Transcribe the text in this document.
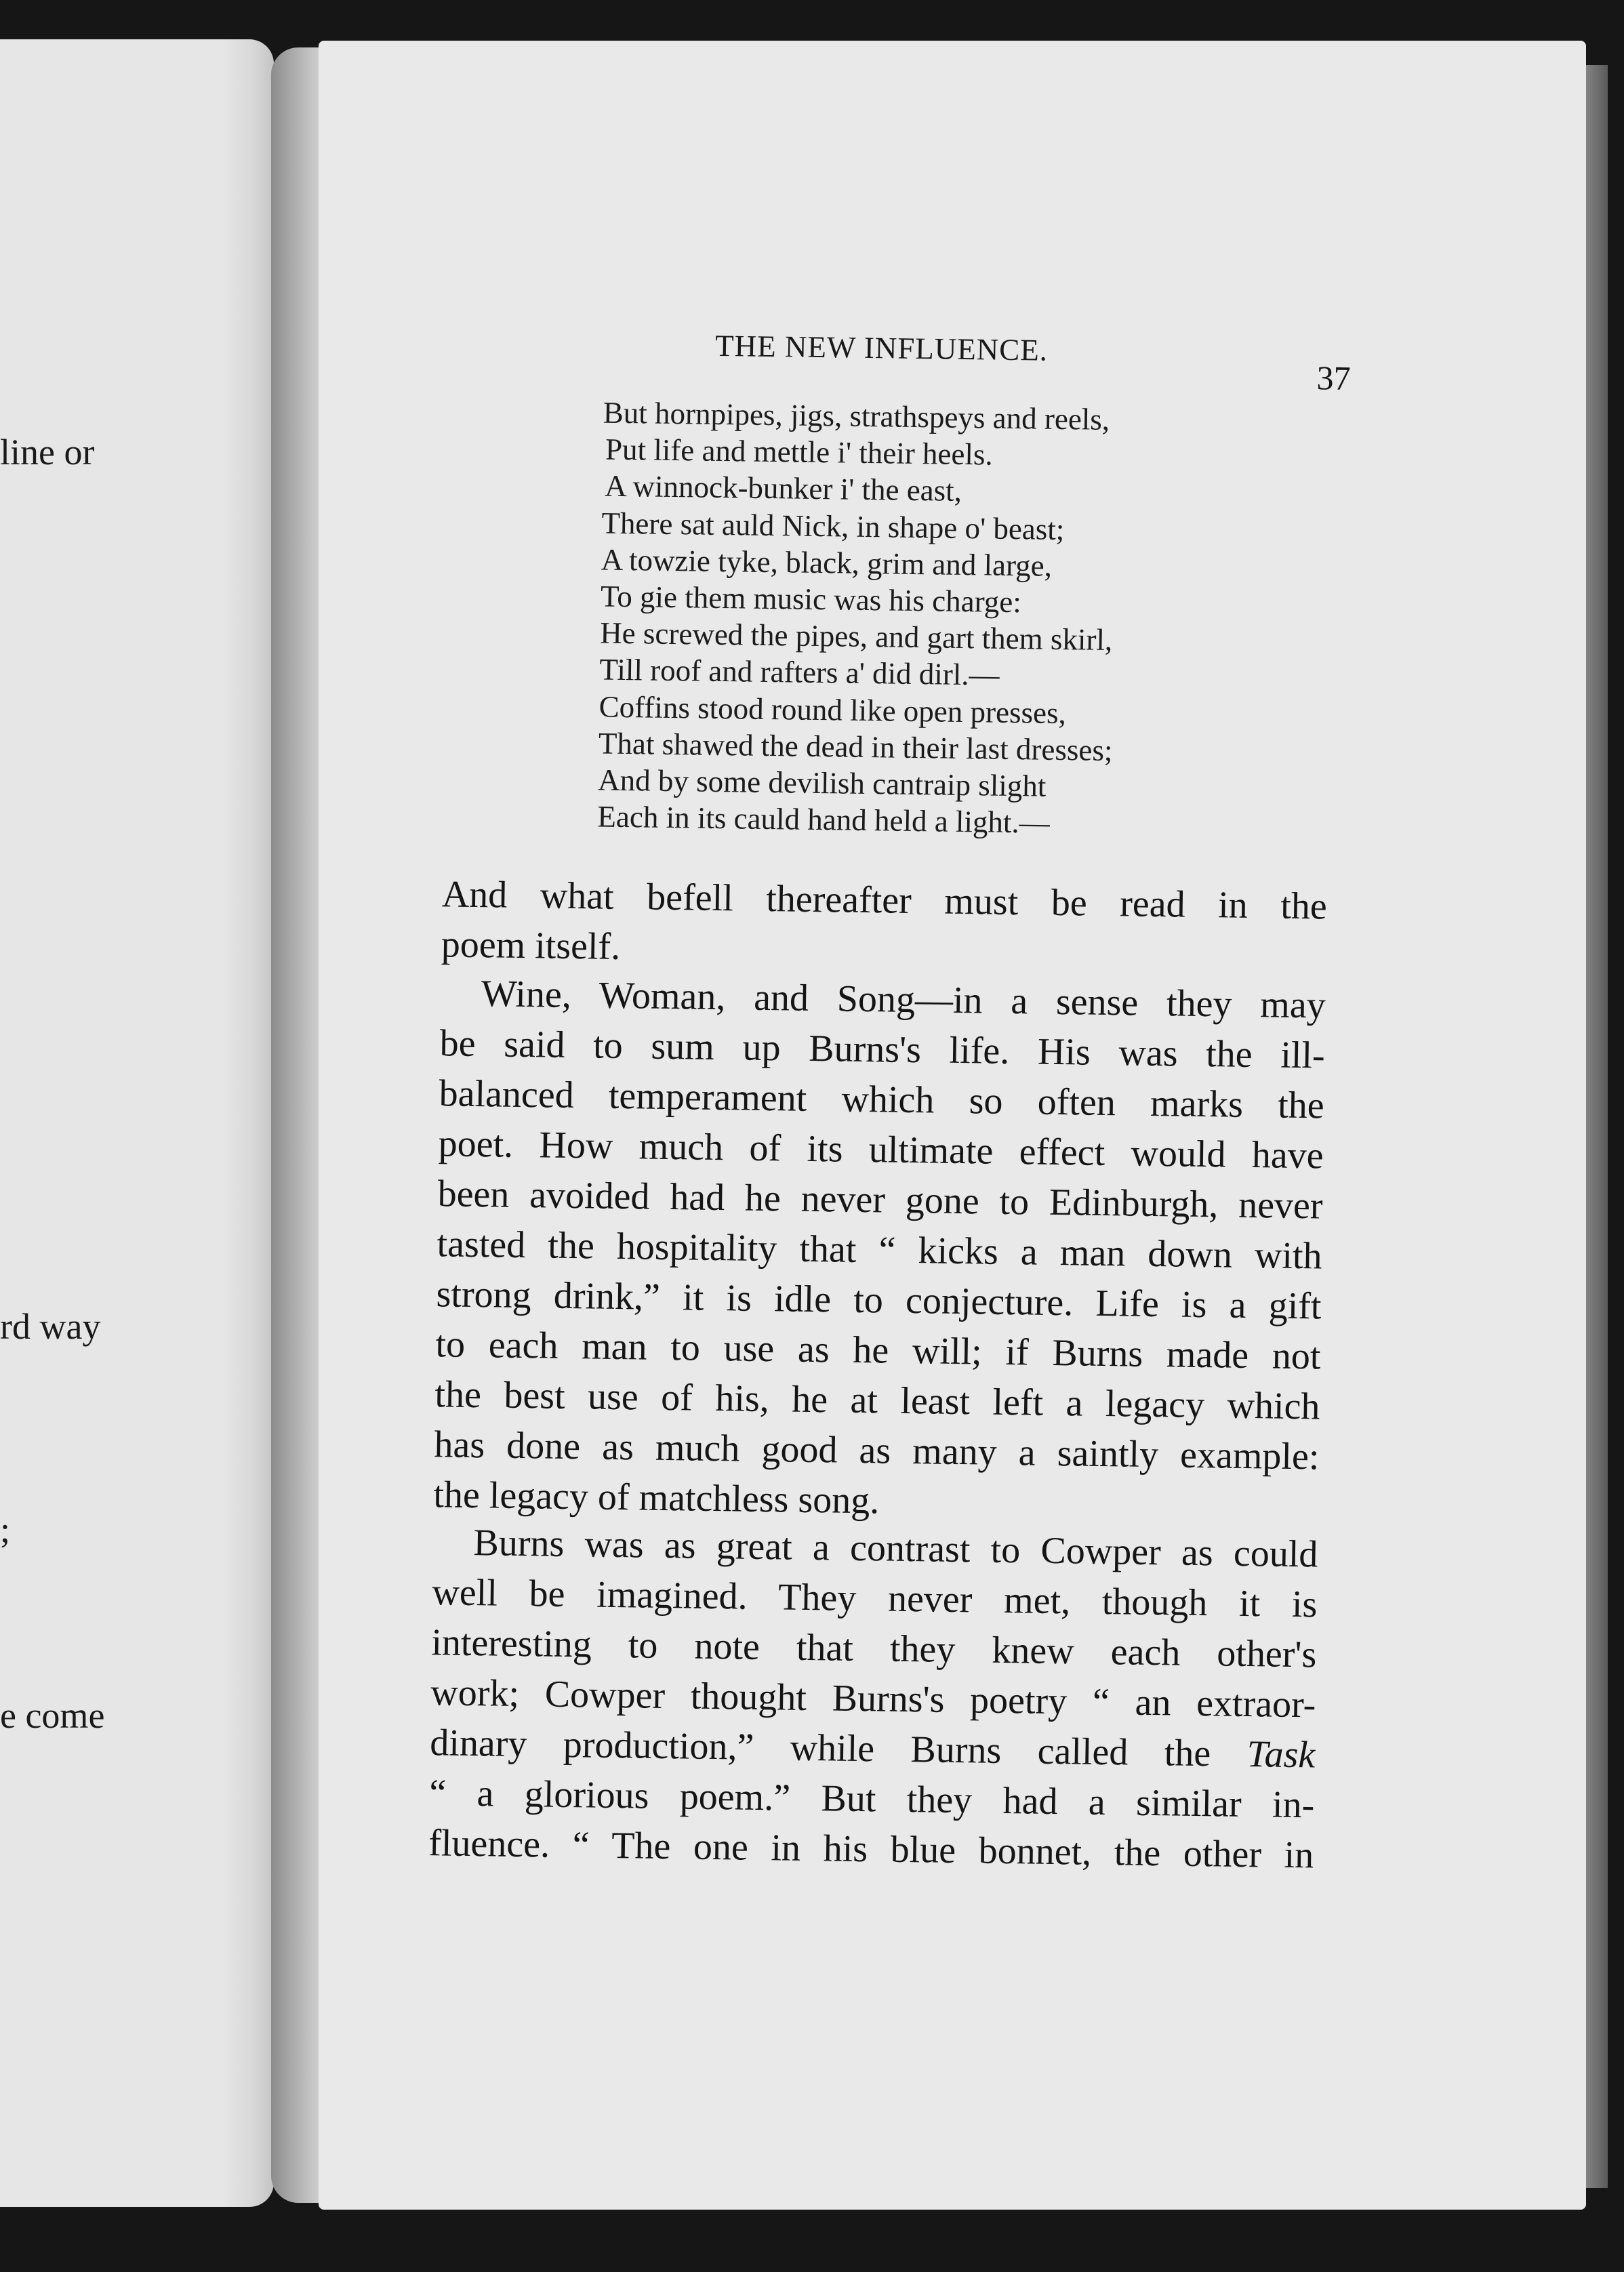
line or
rd way
;
e come
THE NEW INFLUENCE.
37
But hornpipes, jigs, strathspeys and reels,
Put life and mettle i' their heels.
A winnock-bunker i' the east,
There sat auld Nick, in shape o' beast;
A towzie tyke, black, grim and large,
To gie them music was his charge:
He screwed the pipes, and gart them skirl,
Till roof and rafters a' did dirl.—
Coffins stood round like open presses,
That shawed the dead in their last dresses;
And by some devilish cantraip slight
Each in its cauld hand held a light.—

And what befell thereafter must be read in the
poem itself.

Wine, Woman, and Song—in a sense they may
be said to sum up Burns's life. His was the ill-
balanced temperament which so often marks the
poet. How much of its ultimate effect would have
been avoided had he never gone to Edinburgh, never
tasted the hospitality that “ kicks a man down with
strong drink,” it is idle to conjecture. Life is a gift
to each man to use as he will; if Burns made not
the best use of his, he at least left a legacy which
has done as much good as many a saintly example:
the legacy of matchless song.

Burns was as great a contrast to Cowper as could
well be imagined. They never met, though it is
interesting to note that they knew each other's
work; Cowper thought Burns's poetry “ an extraor-
dinary production,” while Burns called the Task
“ a glorious poem.” But they had a similar in-
fluence. “ The one in his blue bonnet, the other in
